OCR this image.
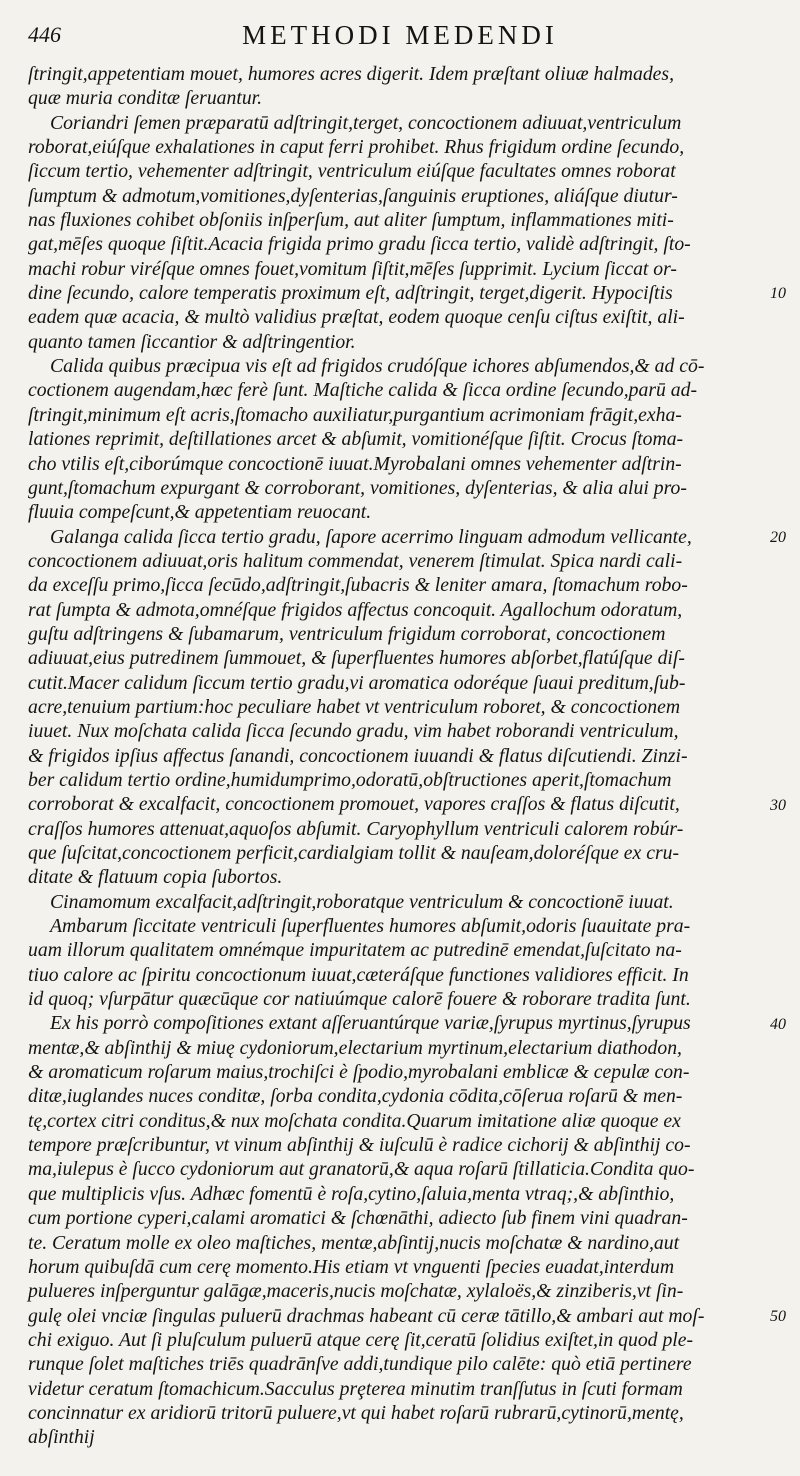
446	METHODI MEDENDI
ſtringit,appetentiam mouet, humores acres digerit. Idem præſtant oliuæ halmades,
quæ muria conditæ ſeruantur.
Coriandri ſemen præparatū adſtringit,terget, concoctionem adiuuat,ventriculum
roborat,eiúſque exhalationes in caput ferri prohibet. Rhus frigidum ordine ſecundo,
ſiccum tertio, vehementer adſtringit, ventriculum eiúſque facultates omnes roborat
ſumptum & admotum,vomitiones,dyſenterias,ſanguinis eruptiones, aliáſque diutur-
nas fluxiones cohibet obſoniis inſperſum, aut aliter ſumptum, inflammationes miti-
gat,mēſes quoque ſiſtit.Acacia frigida primo gradu ſicca tertio, validè adſtringit, ſto-
machi robur viréſque omnes fouet,vomitum ſiſtit,mēſes ſupprimit. Lycium ſiccat or-
dine ſecundo, calore temperatis proximum eſt, adſtringit, terget,digerit. Hypociſtis
eadem quæ acacia, & multò validius præſtat, eodem quoque cenſu ciſtus exiſtit, ali-
quanto tamen ſiccantior & adſtringentior.
Calida quibus præcipua vis eſt ad frigidos crudóſque ichores abſumendos,& ad cō-
coctionem augendam,hæc ferè ſunt. Maſtiche calida & ſicca ordine ſecundo,parū ad-
ſtringit,minimum eſt acris,ſtomacho auxiliatur,purgantium acrimoniam frāgit,exha-
lationes reprimit, deſtillationes arcet & abſumit, vomitionéſque ſiſtit. Crocus ſtoma-
cho vtilis eſt,ciborúmque concoctionē iuuat.Myrobalani omnes vehementer adſtrin-
gunt,ſtomachum expurgant & corroborant, vomitiones, dyſenterias, & alia alui pro-
fluuia compeſcunt,& appetentiam reuocant.
Galanga calida ſicca tertio gradu, ſapore acerrimo linguam admodum vellicante,
concoctionem adiuuat,oris halitum commendat, venerem ſtimulat. Spica nardi cali-
da exceſſu primo,ſicca ſecūdo,adſtringit,ſubacris & leniter amara, ſtomachum robo-
rat ſumpta & admota,omnéſque frigidos affectus concoquit. Agallochum odoratum,
guſtu adſtringens & ſubamarum, ventriculum frigidum corroborat, concoctionem
adiuuat,eius putredinem ſummouet, & ſuperfluentes humores abſorbet,flatúſque diſ-
cutit.Macer calidum ſiccum tertio gradu,vi aromatica odoréque ſuaui preditum,ſub-
acre,tenuium partium:hoc peculiare habet vt ventriculum roboret, & concoctionem
iuuet. Nux moſchata calida ſicca ſecundo gradu, vim habet roborandi ventriculum,
& frigidos ipſius affectus ſanandi, concoctionem iuuandi & flatus diſcutiendi. Zinzi-
ber calidum tertio ordine,humidumprimo,odoratū,obſtructiones aperit,ſtomachum
corroborat & excalfacit, concoctionem promouet, vapores craſſos & flatus diſcutit,
craſſos humores attenuat,aquoſos abſumit. Caryophyllum ventriculi calorem robúr-
que ſuſcitat,concoctionem perficit,cardialgiam tollit & nauſeam,doloréſque ex cru-
ditate & flatuum copia ſubortos.
Cinamomum excalfacit,adſtringit,roboratque ventriculum & concoctionē iuuat.
Ambarum ſiccitate ventriculi ſuperfluentes humores abſumit,odoris ſuauitate pra-
uam illorum qualitatem omnémque impuritatem ac putredinē emendat,ſuſcitato na-
tiuo calore ac ſpiritu concoctionum iuuat,cæteráſque functiones validiores efficit. In
id quoq; vſurpātur quæcūque cor natiuúmque calorē fouere & roborare tradita ſunt.
Ex his porrò compoſitiones extant aſſeruantúrque variæ,ſyrupus myrtinus,ſyrupus
mentæ,& abſinthij & miuę cydoniorum,electarium myrtinum,electarium diathodon,
& aromaticum roſarum maius,trochiſci è ſpodio,myrobalani emblicæ & cepulæ con-
ditæ,iuglandes nuces conditæ, ſorba condita,cydonia cōdita,cōſerua roſarū & men-
tę,cortex citri conditus,& nux moſchata condita.Quarum imitatione aliæ quoque ex
tempore præſcribuntur, vt vinum abſinthij & iuſculū è radice cichorij & abſinthij co-
ma,iulepus è ſucco cydoniorum aut granatorū,& aqua roſarū ſtillaticia.Condita quo-
que multiplicis vſus. Adhæc fomentū è roſa,cytino,ſaluia,menta vtraq;,& abſinthio,
cum portione cyperi,calami aromatici & ſchœnāthi, adiecto ſub finem vini quadran-
te. Ceratum molle ex oleo maſtiches, mentæ,abſintij,nucis moſchatæ & nardino,aut
horum quibuſdā cum cerę momento.His etiam vt vnguenti ſpecies euadat,interdum
pulueres inſperguntur galāgæ,maceris,nucis moſchatæ, xylaloës,& zinziberis,vt ſin-
gulę olei vnciæ ſingulas puluerū drachmas habeant cū ceræ tātillo,& ambari aut moſ-
chi exiguo. Aut ſi pluſculum puluerū atque cerę ſit,ceratū ſolidius exiſtet,in quod ple-
runque ſolet maſtiches triēs quadrānſve addi,tundique pilo calēte: quò etiā pertinere
videtur ceratum ſtomachicum.Sacculus prȩterea minutim tranſſutus in ſcuti formam
concinnatur ex aridiorū tritorū puluere,vt qui habet roſarū rubrarū,cytinorū,mentę,
abſinthij
10
20
30
40
50
